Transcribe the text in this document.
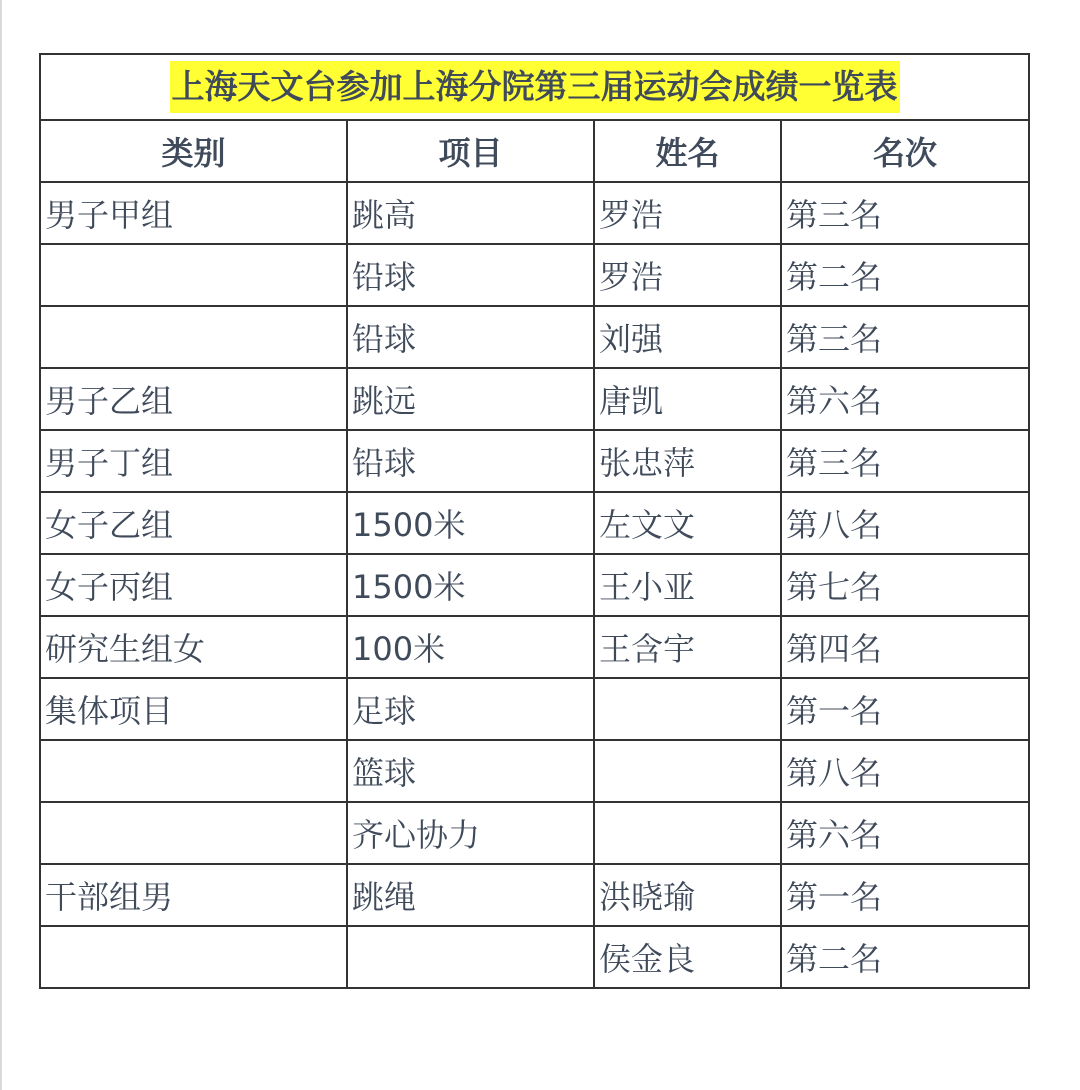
上海天文台参加上海分院第三届运动会成绩一览表			
类别	项目	姓名	名次
男子甲组	跳高	罗浩	第三名
	铅球	罗浩	第二名
	铅球	刘强	第三名
男子乙组	跳远	唐凯	第六名
男子丁组	铅球	张忠萍	第三名
女子乙组	1500米	左文文	第八名
女子丙组	1500米	王小亚	第七名
研究生组女	100米	王含宇	第四名
集体项目	足球		第一名
	篮球		第八名
	齐心协力		第六名
干部组男	跳绳	洪晓瑜	第一名
		侯金良	第二名
